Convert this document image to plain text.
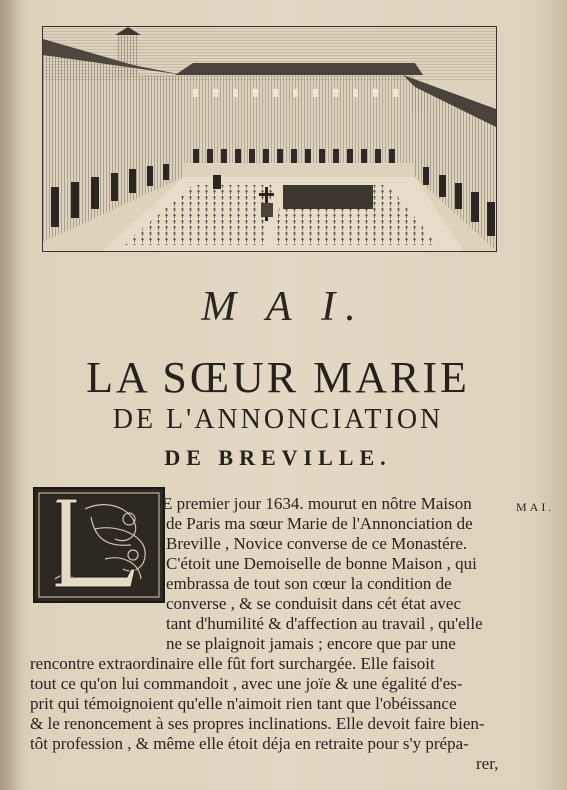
M A I.
LA SŒUR MARIE
DE L'ANNONCIATION
DE BREVILLE.
MAI.
E premier jour 1634. mourut en nôtre Maison
de Paris ma sœur Marie de l'Annonciation de
Breville , Novice converse de ce Monastére.
C'étoit une Demoiselle de bonne Maison , qui
embrassa de tout son cœur la condition de
converse , & se conduisit dans cét état avec
tant d'humilité & d'affection au travail , qu'elle
ne se plaignoit jamais ; encore que par une
rencontre extraordinaire elle fût fort surchargée. Elle faisoit
tout ce qu'on lui commandoit , avec une joïe & une égalité d'es-
prit qui témoignoient qu'elle n'aimoit rien tant que l'obéissance
& le renoncement à ses propres inclinations. Elle devoit faire bien-
tôt profession , & même elle étoit déja en retraite pour s'y prépa-
rer,
